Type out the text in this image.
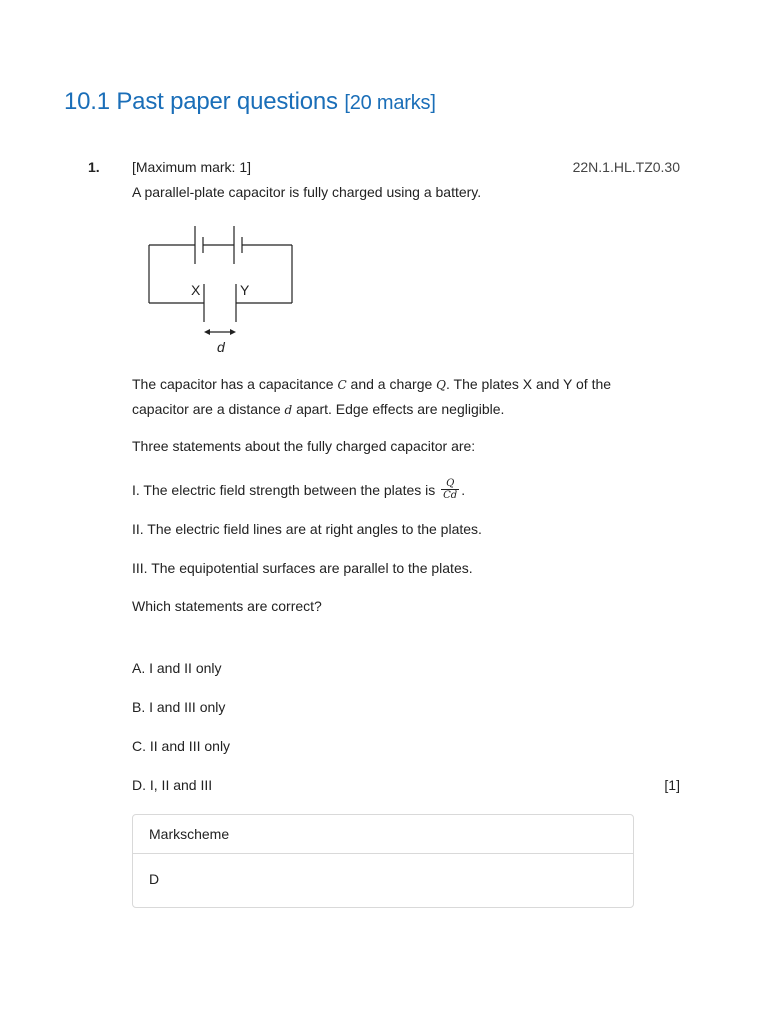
10.1 Past paper questions [20 marks]
1. [Maximum mark: 1]	22N.1.HL.TZ0.30

A parallel-plate capacitor is fully charged using a battery.

X	Y
d

The capacitor has a capacitance C and a charge Q. The plates X and Y of the capacitor are a distance d apart. Edge effects are negligible.

Three statements about the fully charged capacitor are:

I. The electric field strength between the plates is $\frac{Q}{Cd}$ .

II. The electric field lines are at right angles to the plates.

III. The equipotential surfaces are parallel to the plates.

Which statements are correct?

A. I and II only

B. I and III only

C. II and III only

D. I, II and III	[1]
Markscheme
D
